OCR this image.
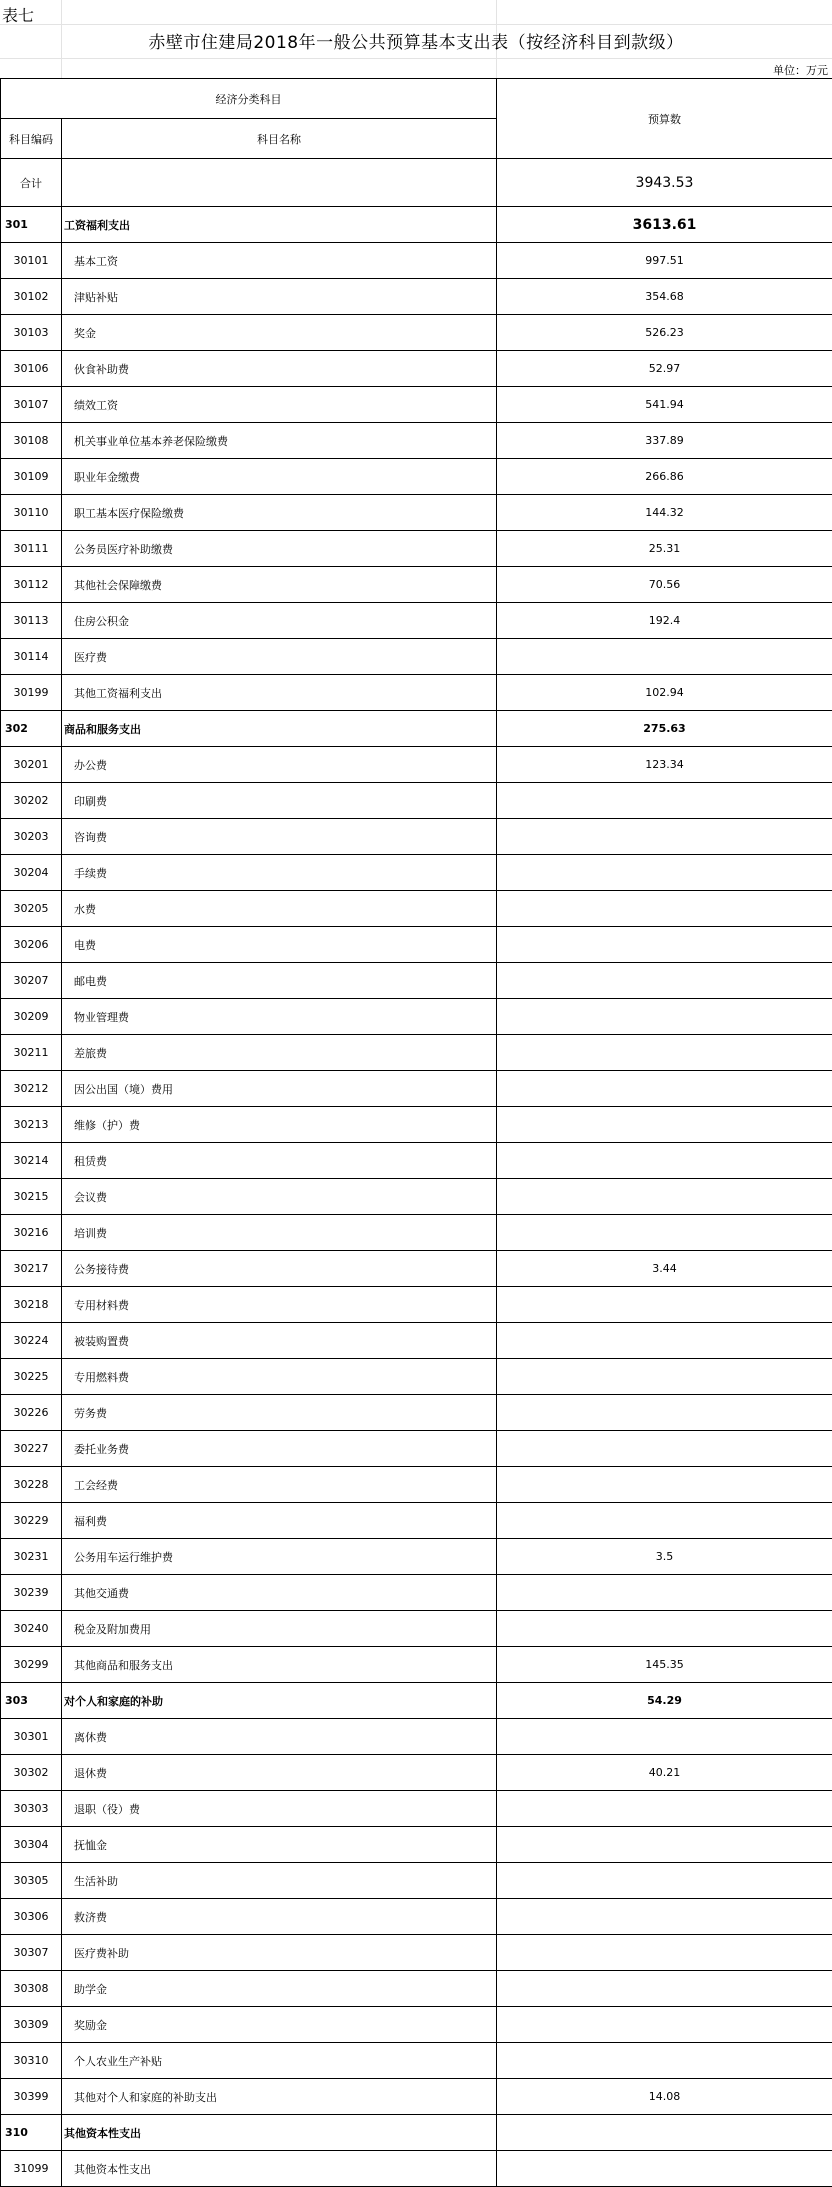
表七
赤壁市住建局2018年一般公共预算基本支出表（按经济科目到款级）
单位：万元
经济分类科目		预算数
科目编码	科目名称	
合计		3943.53
301	工资福利支出	3613.61
30101	基本工资	997.51
30102	津贴补贴	354.68
30103	奖金	526.23
30106	伙食补助费	52.97
30107	绩效工资	541.94
30108	机关事业单位基本养老保险缴费	337.89
30109	职业年金缴费	266.86
30110	职工基本医疗保险缴费	144.32
30111	公务员医疗补助缴费	25.31
30112	其他社会保障缴费	70.56
30113	住房公积金	192.4
30114	医疗费	
30199	其他工资福利支出	102.94
302	商品和服务支出	275.63
30201	办公费	123.34
30202	印刷费	
30203	咨询费	
30204	手续费	
30205	水费	
30206	电费	
30207	邮电费	
30209	物业管理费	
30211	差旅费	
30212	因公出国（境）费用	
30213	维修（护）费	
30214	租赁费	
30215	会议费	
30216	培训费	
30217	公务接待费	3.44
30218	专用材料费	
30224	被装购置费	
30225	专用燃料费	
30226	劳务费	
30227	委托业务费	
30228	工会经费	
30229	福利费	
30231	公务用车运行维护费	3.5
30239	其他交通费	
30240	税金及附加费用	
30299	其他商品和服务支出	145.35
303	对个人和家庭的补助	54.29
30301	离休费	
30302	退休费	40.21
30303	退职（役）费	
30304	抚恤金	
30305	生活补助	
30306	救济费	
30307	医疗费补助	
30308	助学金	
30309	奖励金	
30310	个人农业生产补贴	
30399	其他对个人和家庭的补助支出	14.08
310	其他资本性支出	
31099	其他资本性支出	
